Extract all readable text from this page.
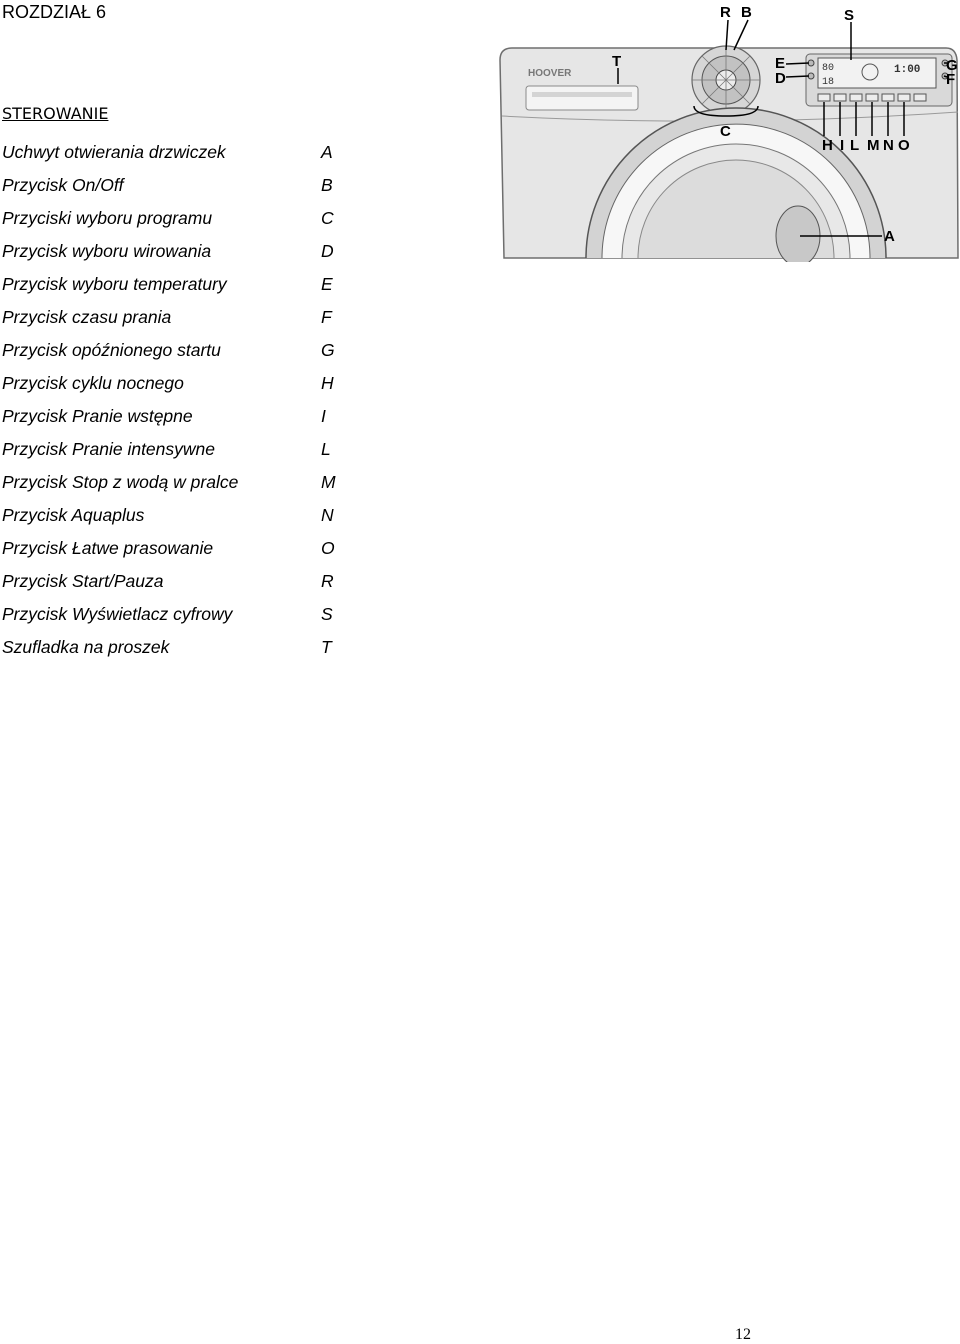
ROZDZIAŁ 6
STEROWANIE
Uchwyt otwierania drzwiczek	A
Przycisk On/Off	B
Przyciski wyboru programu	C
Przycisk wyboru wirowania	D
Przycisk wyboru temperatury	E
Przycisk czasu prania	F
Przycisk opóźnionego startu	G
Przycisk cyklu nocnego	H
Przycisk Pranie wstępne	I
Przycisk Pranie intensywne	L
Przycisk Stop z wodą w pralce	M
Przycisk Aquaplus	N
Przycisk Łatwe prasowanie	O
Przycisk Start/Pauza	R
Przycisk Wyświetlacz cyfrowy	S
Szufladka na proszek	T
HOOVER	80
18
1:00
R B	S
T	E
D
G
F
C
A
H I L M N O
12
